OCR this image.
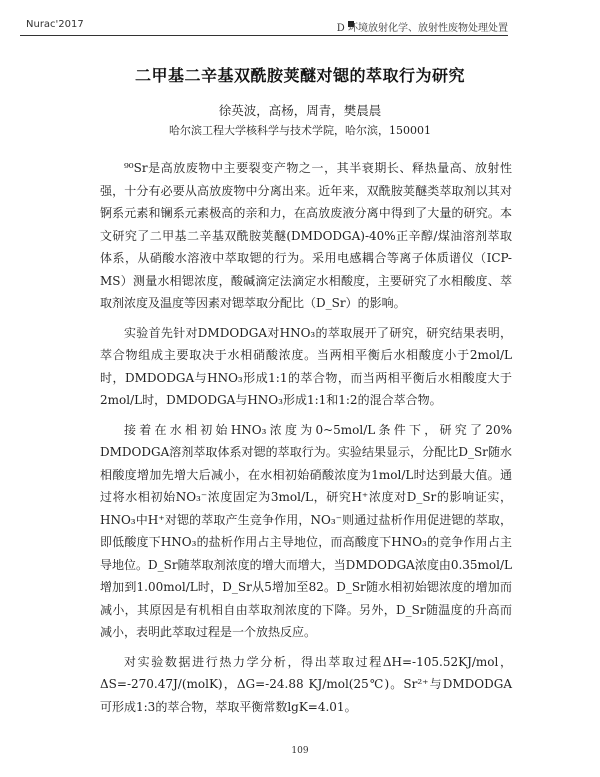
Nurac'2017	D 环境放射化学、放射性废物处理处置
二甲基二辛基双酰胺荚醚对锶的萃取行为研究
徐英波，高杨，周青，樊晨晨
哈尔滨工程大学核科学与技术学院，哈尔滨，150001

⁹⁰Sr是高放废物中主要裂变产物之一，其半衰期长、释热量高、放射性强，十分有必要从高放废物中分离出来。近年来，双酰胺荚醚类萃取剂以其对锕系元素和镧系元素极高的亲和力，在高放废液分离中得到了大量的研究。本文研究了二甲基二辛基双酰胺荚醚(DMDODGA)-40%正辛醇/煤油溶剂萃取体系，从硝酸水溶液中萃取锶的行为。采用电感耦合等离子体质谱仪（ICP-MS）测量水相锶浓度，酸碱滴定法滴定水相酸度，主要研究了水相酸度、萃取剂浓度及温度等因素对锶萃取分配比（D_Sr）的影响。

实验首先针对DMDODGA对HNO₃的萃取展开了研究，研究结果表明，萃合物组成主要取决于水相硝酸浓度。当两相平衡后水相酸度小于2mol/L时，DMDODGA与HNO₃形成1:1的萃合物，而当两相平衡后水相酸度大于2mol/L时，DMDODGA与HNO₃形成1:1和1:2的混合萃合物。

接着在水相初始HNO₃浓度为0~5mol/L条件下，研究了20% DMDODGA溶剂萃取体系对锶的萃取行为。实验结果显示，分配比D_Sr随水相酸度增加先增大后减小，在水相初始硝酸浓度为1mol/L时达到最大值。通过将水相初始NO₃⁻浓度固定为3mol/L，研究H⁺浓度对D_Sr的影响证实，HNO₃中H⁺对锶的萃取产生竞争作用，NO₃⁻则通过盐析作用促进锶的萃取，即低酸度下HNO₃的盐析作用占主导地位，而高酸度下HNO₃的竞争作用占主导地位。D_Sr随萃取剂浓度的增大而增大，当DMDODGA浓度由0.35mol/L增加到1.00mol/L时，D_Sr从5增加至82。D_Sr随水相初始锶浓度的增加而减小，其原因是有机相自由萃取剂浓度的下降。另外，D_Sr随温度的升高而减小，表明此萃取过程是一个放热反应。

对实验数据进行热力学分析，得出萃取过程ΔH=-105.52KJ/mol，ΔS=-270.47J/(molK)，ΔG=-24.88 KJ/mol(25℃)。Sr²⁺与DMDODGA可形成1:3的萃合物，萃取平衡常数lgK=4.01。

109
